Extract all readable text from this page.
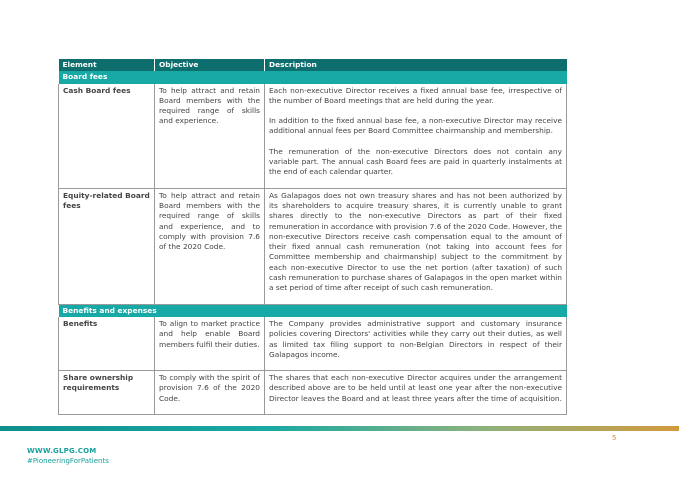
Element	Objective	Description
Board fees		
Cash Board fees	To help attract and retain Board members with the required range of skills and experience.	Each non-executive Director receives a fixed annual base fee, irrespective of the number of Board meetings that are held during the year.

In addition to the fixed annual base fee, a non-executive Director may receive additional annual fees per Board Committee chairmanship and membership.

The remuneration of the non-executive Directors does not contain any variable part. The annual cash Board fees are paid in quarterly instalments at the end of each calendar quarter.

Equity-related Board fees	To help attract and retain Board members with the required range of skills and experience, and to comply with provision 7.6 of the 2020 Code.	As Galapagos does not own treasury shares and has not been authorized by its shareholders to acquire treasury shares, it is currently unable to grant shares directly to the non-executive Directors as part of their fixed remuneration in accordance with provision 7.6 of the 2020 Code. However, the non-executive Directors receive cash compensation equal to the amount of their fixed annual cash remuneration (not taking into account fees for Committee membership and chairmanship) subject to the commitment by each non-executive Director to use the net portion (after taxation) of such cash remuneration to purchase shares of Galapagos in the open market within a set period of time after receipt of such cash remuneration.

Benefits and expenses		
Benefits	To align to market practice and help enable Board members fulfil their duties.	The Company provides administrative support and customary insurance policies covering Directors' activities while they carry out their duties, as well as limited tax filing support to non-Belgian Directors in respect of their Galapagos income.

Share ownership requirements	To comply with the spirit of provision 7.6 of the 2020 Code.	The shares that each non-executive Director acquires under the arrangement described above are to be held until at least one year after the non-executive Director leaves the Board and at least three years after the time of acquisition.

5
WWW.GLPG.COM
#PioneeringForPatients
